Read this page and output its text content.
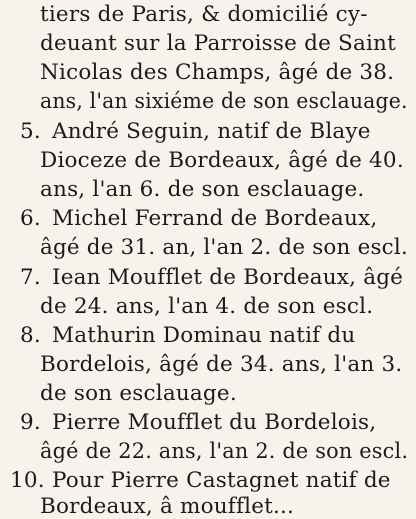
tiers de Paris, & domicilié cy-
deuant sur la Parroisse de Saint
Nicolas des Champs, âgé de 38.
ans, l'an sixiéme de son esclauage.
5. André Seguin, natif de Blaye
Dioceze de Bordeaux, âgé de 40.
ans, l'an 6. de son esclauage.
6. Michel Ferrand de Bordeaux,
âgé de 31. an, l'an 2. de son escl.
7. Iean Moufflet de Bordeaux, âgé
de 24. ans, l'an 4. de son escl.
8. Mathurin Dominau natif du
Bordelois, âgé de 34. ans, l'an 3.
de son esclauage.
9. Pierre Moufflet du Bordelois,
âgé de 22. ans, l'an 2. de son escl.
10. Pour Pierre Castagnet natif de
Bordeaux, â moufflet...
